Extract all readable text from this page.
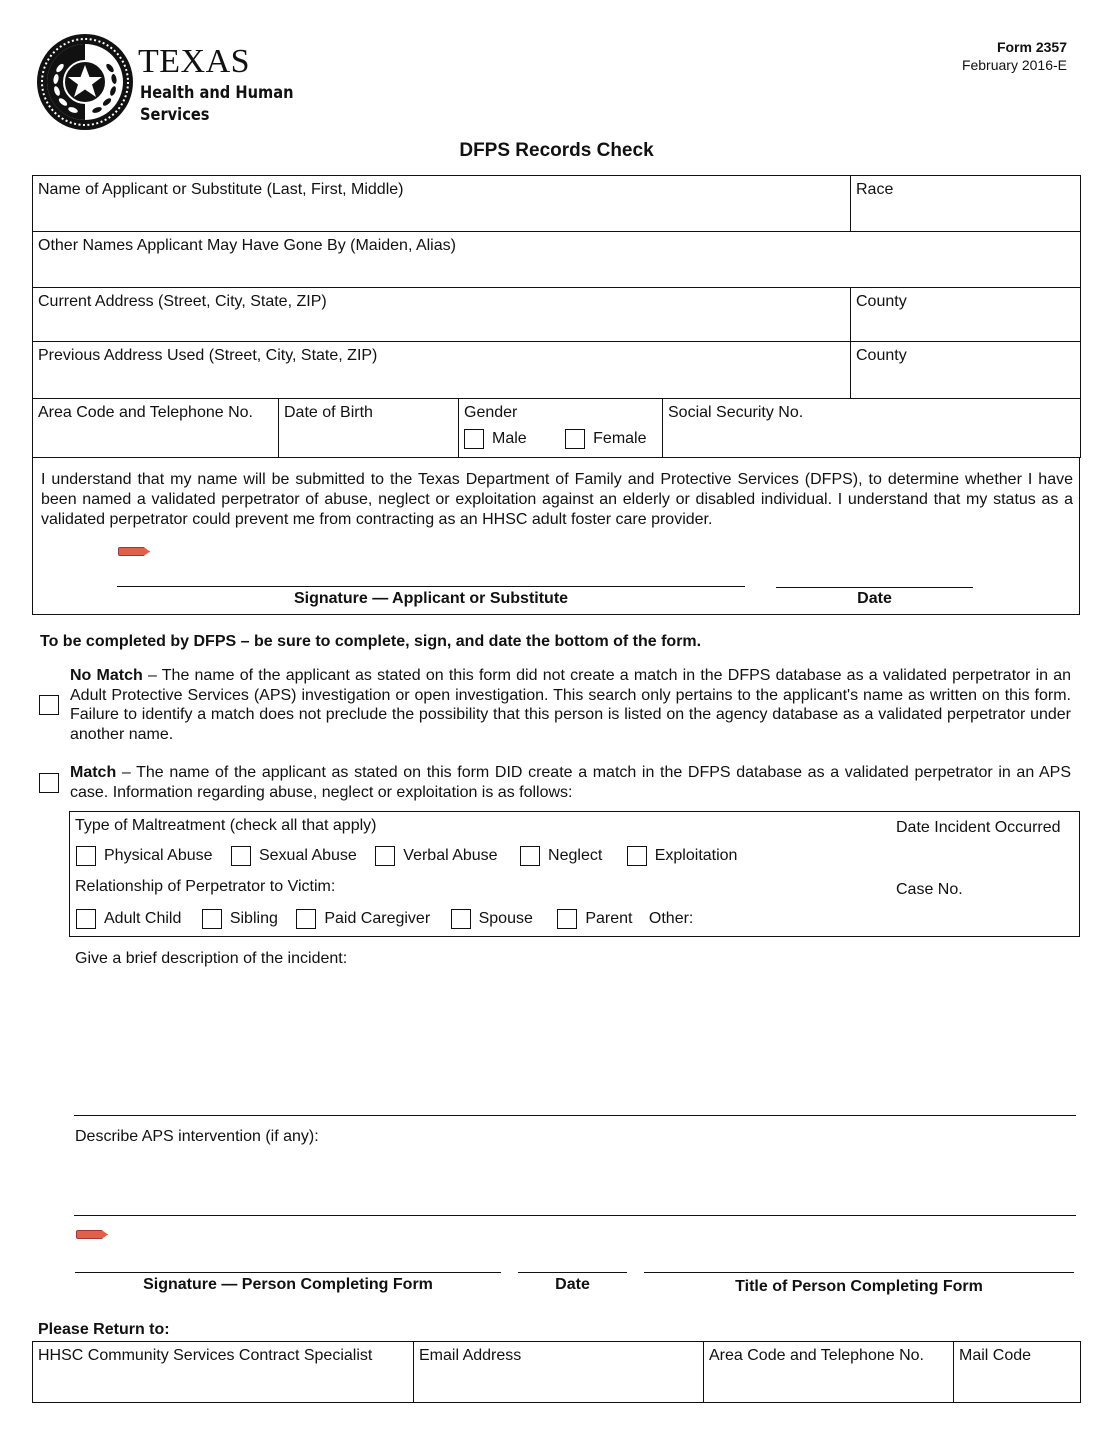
TEXAS
Health and Human
Services
Form 2357
February 2016-E
DFPS Records Check
Name of Applicant or Substitute (Last, First, Middle)	Race
Other Names Applicant May Have Gone By (Maiden, Alias)
Current Address (Street, City, State, ZIP)	County
Previous Address Used (Street, City, State, ZIP)	County
Area Code and Telephone No.	Date of Birth	Gender
Male	Female
Social Security No.
I understand that my name will be submitted to the Texas Department of Family and Protective Services (DFPS), to determine whether I have been named a validated perpetrator of abuse, neglect or exploitation against an elderly or disabled individual. I understand that my status as a validated perpetrator could prevent me from contracting as an HHSC adult foster care provider.
Signature — Applicant or Substitute	Date
To be completed by DFPS – be sure to complete, sign, and date the bottom of the form.
No Match – The name of the applicant as stated on this form did not create a match in the DFPS database as a validated perpetrator in an Adult Protective Services (APS) investigation or open investigation. This search only pertains to the applicant's name as written on this form. Failure to identify a match does not preclude the possibility that this person is listed on the agency database as a validated perpetrator under another name.
Match – The name of the applicant as stated on this form DID create a match in the DFPS database as a validated perpetrator in an APS case. Information regarding abuse, neglect or exploitation is as follows:
Type of Maltreatment (check all that apply)
Physical Abuse	Sexual Abuse	Verbal Abuse	Neglect	Exploitation
Relationship of Perpetrator to Victim:
Adult Child	Sibling	Paid Caregiver	Spouse	Parent Other:
Date Incident Occurred
Case No.
Give a brief description of the incident:
Describe APS intervention (if any):
Signature — Person Completing Form	Date	Title of Person Completing Form
Please Return to:
HHSC Community Services Contract Specialist	Email Address	Area Code and Telephone No.	Mail Code
